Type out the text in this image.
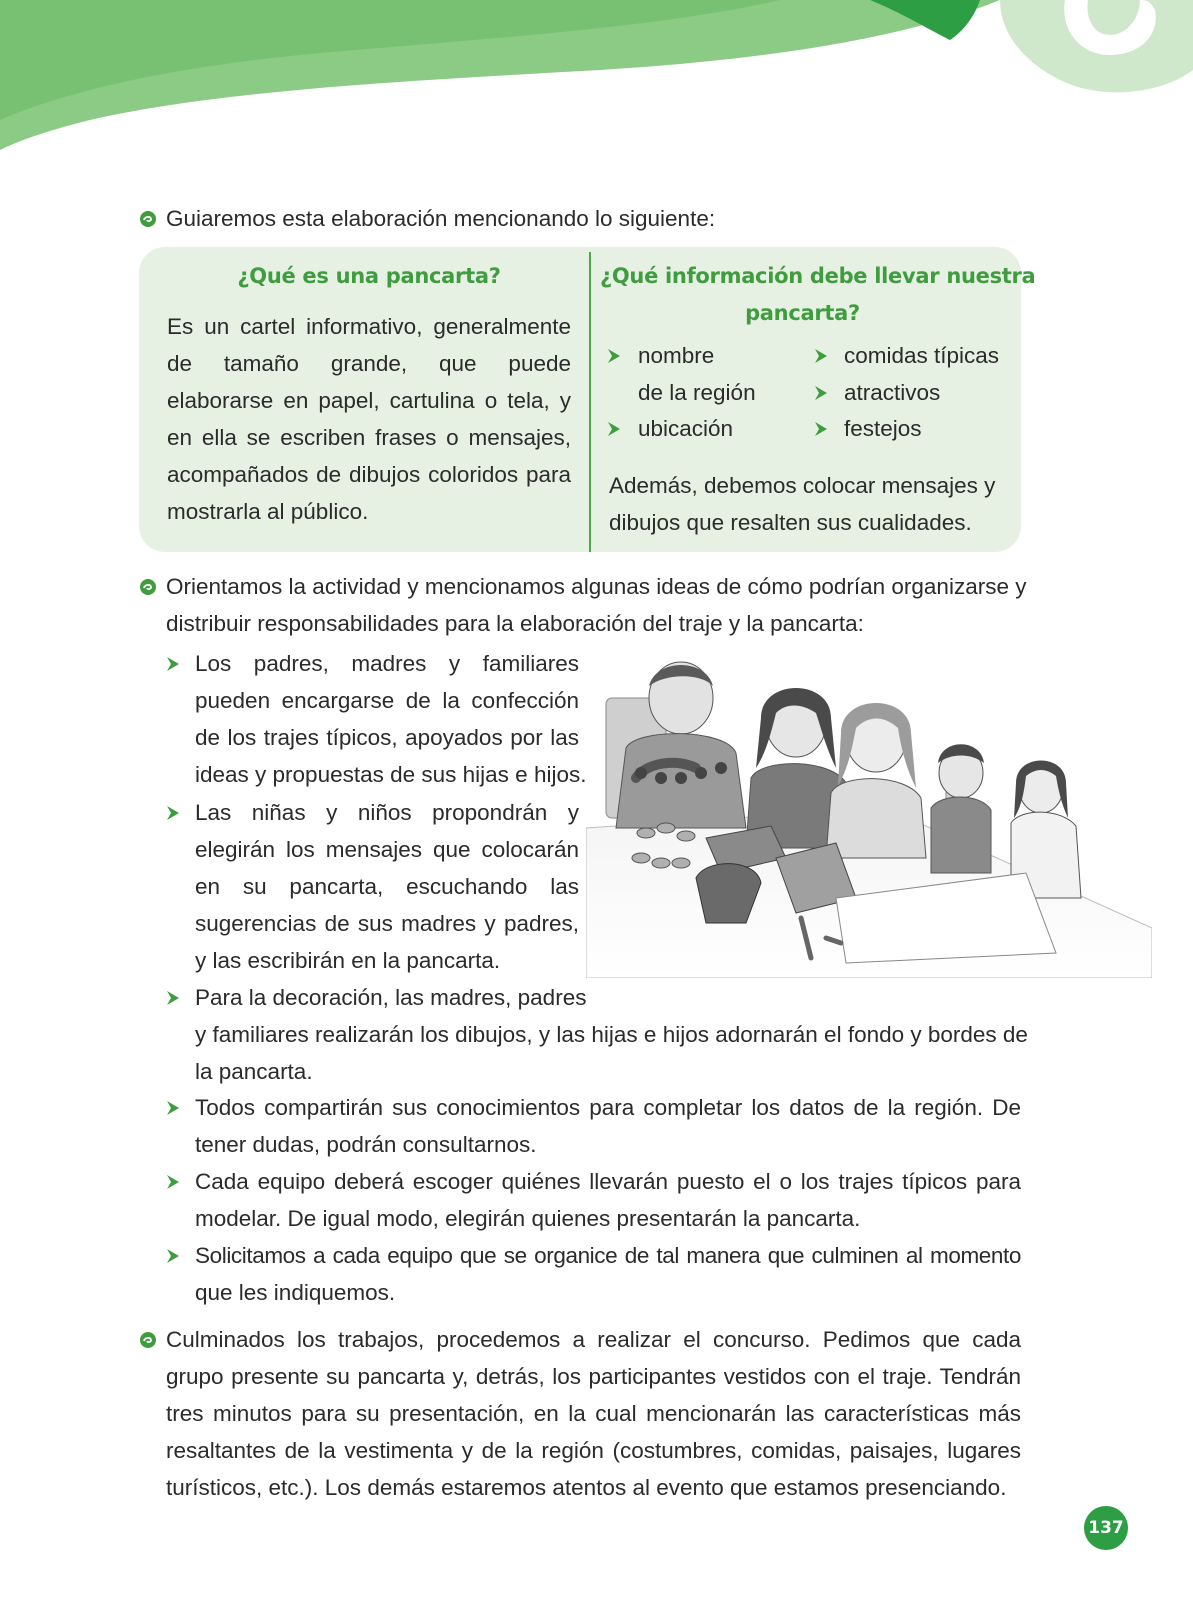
Guiaremos esta elaboración mencionando lo siguiente:
¿Qué es una pancarta?
Es un cartel informativo, generalmente de tamaño grande, que puede elaborarse en papel, cartulina o tela, y en ella se escriben frases o mensajes, acompañados de dibujos coloridos para mostrarla al público.
¿Qué información debe llevar nuestra
pancarta?
nombre
de la región
ubicación
comidas típicas
atractivos
festejos
Además, debemos colocar mensajes y
dibujos que resalten sus cualidades.
Orientamos la actividad y mencionamos algunas ideas de cómo podrían organizarse y
distribuir responsabilidades para la elaboración del traje y la pancarta:
Los padres, madres y familiares
pueden encargarse de la confección
de los trajes típicos, apoyados por las
ideas y propuestas de sus hijas e hijos.
Las niñas y niños propondrán y
elegirán los mensajes que colocarán
en su pancarta, escuchando las
sugerencias de sus madres y padres,
y las escribirán en la pancarta.
Para la decoración, las madres, padres
y familiares realizarán los dibujos, y las hijas e hijos adornarán el fondo y bordes de
la pancarta.
Todos compartirán sus conocimientos para completar los datos de la región. De
tener dudas, podrán consultarnos.
Cada equipo deberá escoger quiénes llevarán puesto el o los trajes típicos para
modelar. De igual modo, elegirán quienes presentarán la pancarta.
Solicitamos a cada equipo que se organice de tal manera que culminen al momento
que les indiquemos.
Culminados los trabajos, procedemos a realizar el concurso. Pedimos que cada
grupo presente su pancarta y, detrás, los participantes vestidos con el traje. Tendrán
tres minutos para su presentación, en la cual mencionarán las características más
resaltantes de la vestimenta y de la región (costumbres, comidas, paisajes, lugares
turísticos, etc.). Los demás estaremos atentos al evento que estamos presenciando.
137
